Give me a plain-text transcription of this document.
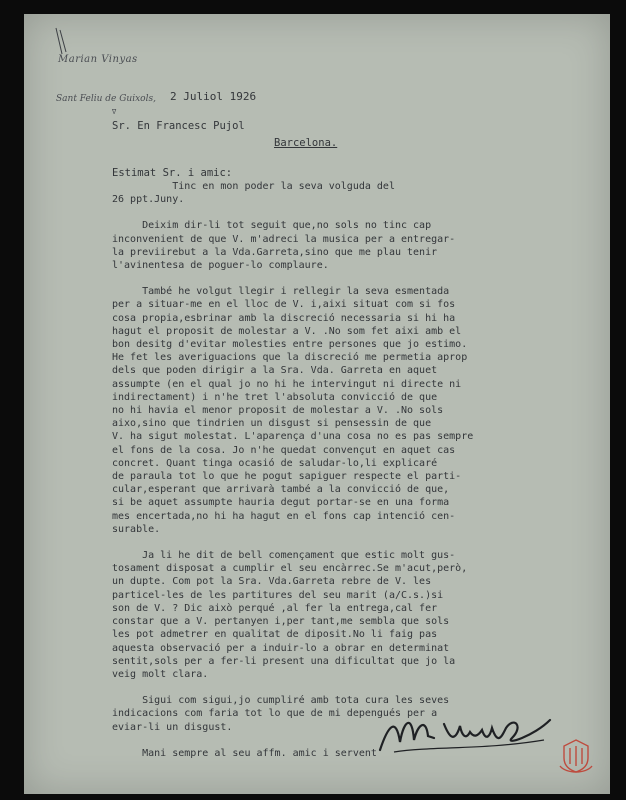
Marian Vinyas
Sant Feliu de Guixols, 2 Juliol 1926
∇
Sr. En Francesc Pujol
Barcelona.
Estimat Sr. i amic:
Tinc en mon poder la seva volguda del
26 ppt.Juny.
Deixim dir-li tot seguit que,no sols no tinc cap
inconvenient de que V. m'adreci la musica per a entregar-
la previirebut a la Vda.Garreta,sino que me plau tenir
l'avinentesa de poguer-lo complaure.
També he volgut llegir i rellegir la seva esmentada
per a situar-me en el lloc de V. i,aixi situat com si fos
cosa propia,esbrinar amb la discreció necessaria si hi ha
hagut el proposit de molestar a V. .No som fet aixi amb el
bon desitg d'evitar molesties entre persones que jo estimo.
He fet les averiguacions que la discreció me permetia aprop
dels que poden dirigir a la Sra. Vda. Garreta en aquet
assumpte (en el qual jo no hi he intervingut ni directe ni
indirectament) i n'he tret l'absoluta convicció de que
no hi havia el menor proposit de molestar a V. .No sols
aixo,sino que tindrien un disgust si pensessin de que
V. ha sigut molestat. L'aparença d'una cosa no es pas sempre
el fons de la cosa. Jo n'he quedat convençut en aquet cas
concret. Quant tinga ocasió de saludar-lo,li explicaré
de paraula tot lo que he pogut sapiguer respecte el parti-
cular,esperant que arrivarà també a la convicció de que,
si be aquet assumpte hauria degut portar-se en una forma
mes encertada,no hi ha hagut en el fons cap intenció cen-
surable.
Ja li he dit de bell començament que estic molt gus-
tosament disposat a cumplir el seu encàrrec.Se m'acut,però,
un dupte. Com pot la Sra. Vda.Garreta rebre de V. les
particel-les de les partitures del seu marit (a/C.s.)si
son de V. ? Dic això perqué ,al fer la entrega,cal fer
constar que a V. pertanyen i,per tant,me sembla que sols
les pot admetrer en qualitat de diposit.No li faig pas
aquesta observació per a induir-lo a obrar en determinat
sentit,sols per a fer-li present una dificultat que jo la
veig molt clara.
Sigui com sigui,jo cumpliré amb tota cura les seves
indicacions com faria tot lo que de mi depengués per a
eviar-li un disgust.
Mani sempre al seu affm. amic i servent
